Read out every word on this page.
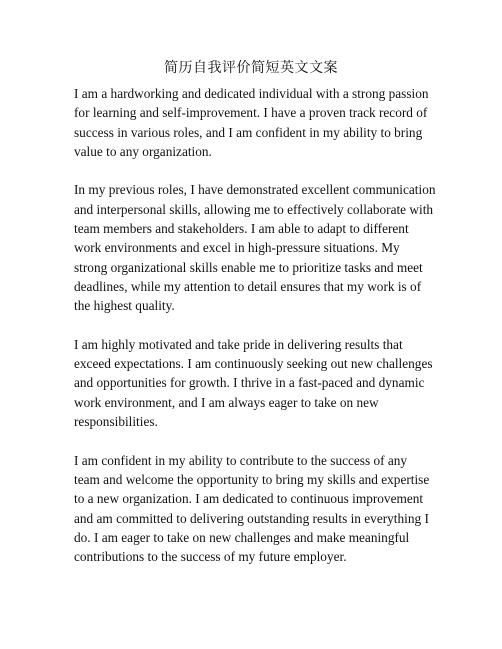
简历自我评价简短英文文案

I am a hardworking and dedicated individual with a strong passion for learning and self-improvement. I have a proven track record of success in various roles, and I am confident in my ability to bring value to any organization.

In my previous roles, I have demonstrated excellent communication and interpersonal skills, allowing me to effectively collaborate with team members and stakeholders. I am able to adapt to different work environments and excel in high-pressure situations. My strong organizational skills enable me to prioritize tasks and meet deadlines, while my attention to detail ensures that my work is of the highest quality.

I am highly motivated and take pride in delivering results that exceed expectations. I am continuously seeking out new challenges and opportunities for growth. I thrive in a fast-paced and dynamic work environment, and I am always eager to take on new responsibilities.

I am confident in my ability to contribute to the success of any team and welcome the opportunity to bring my skills and expertise to a new organization. I am dedicated to continuous improvement and am committed to delivering outstanding results in everything I do. I am eager to take on new challenges and make meaningful contributions to the success of my future employer.
